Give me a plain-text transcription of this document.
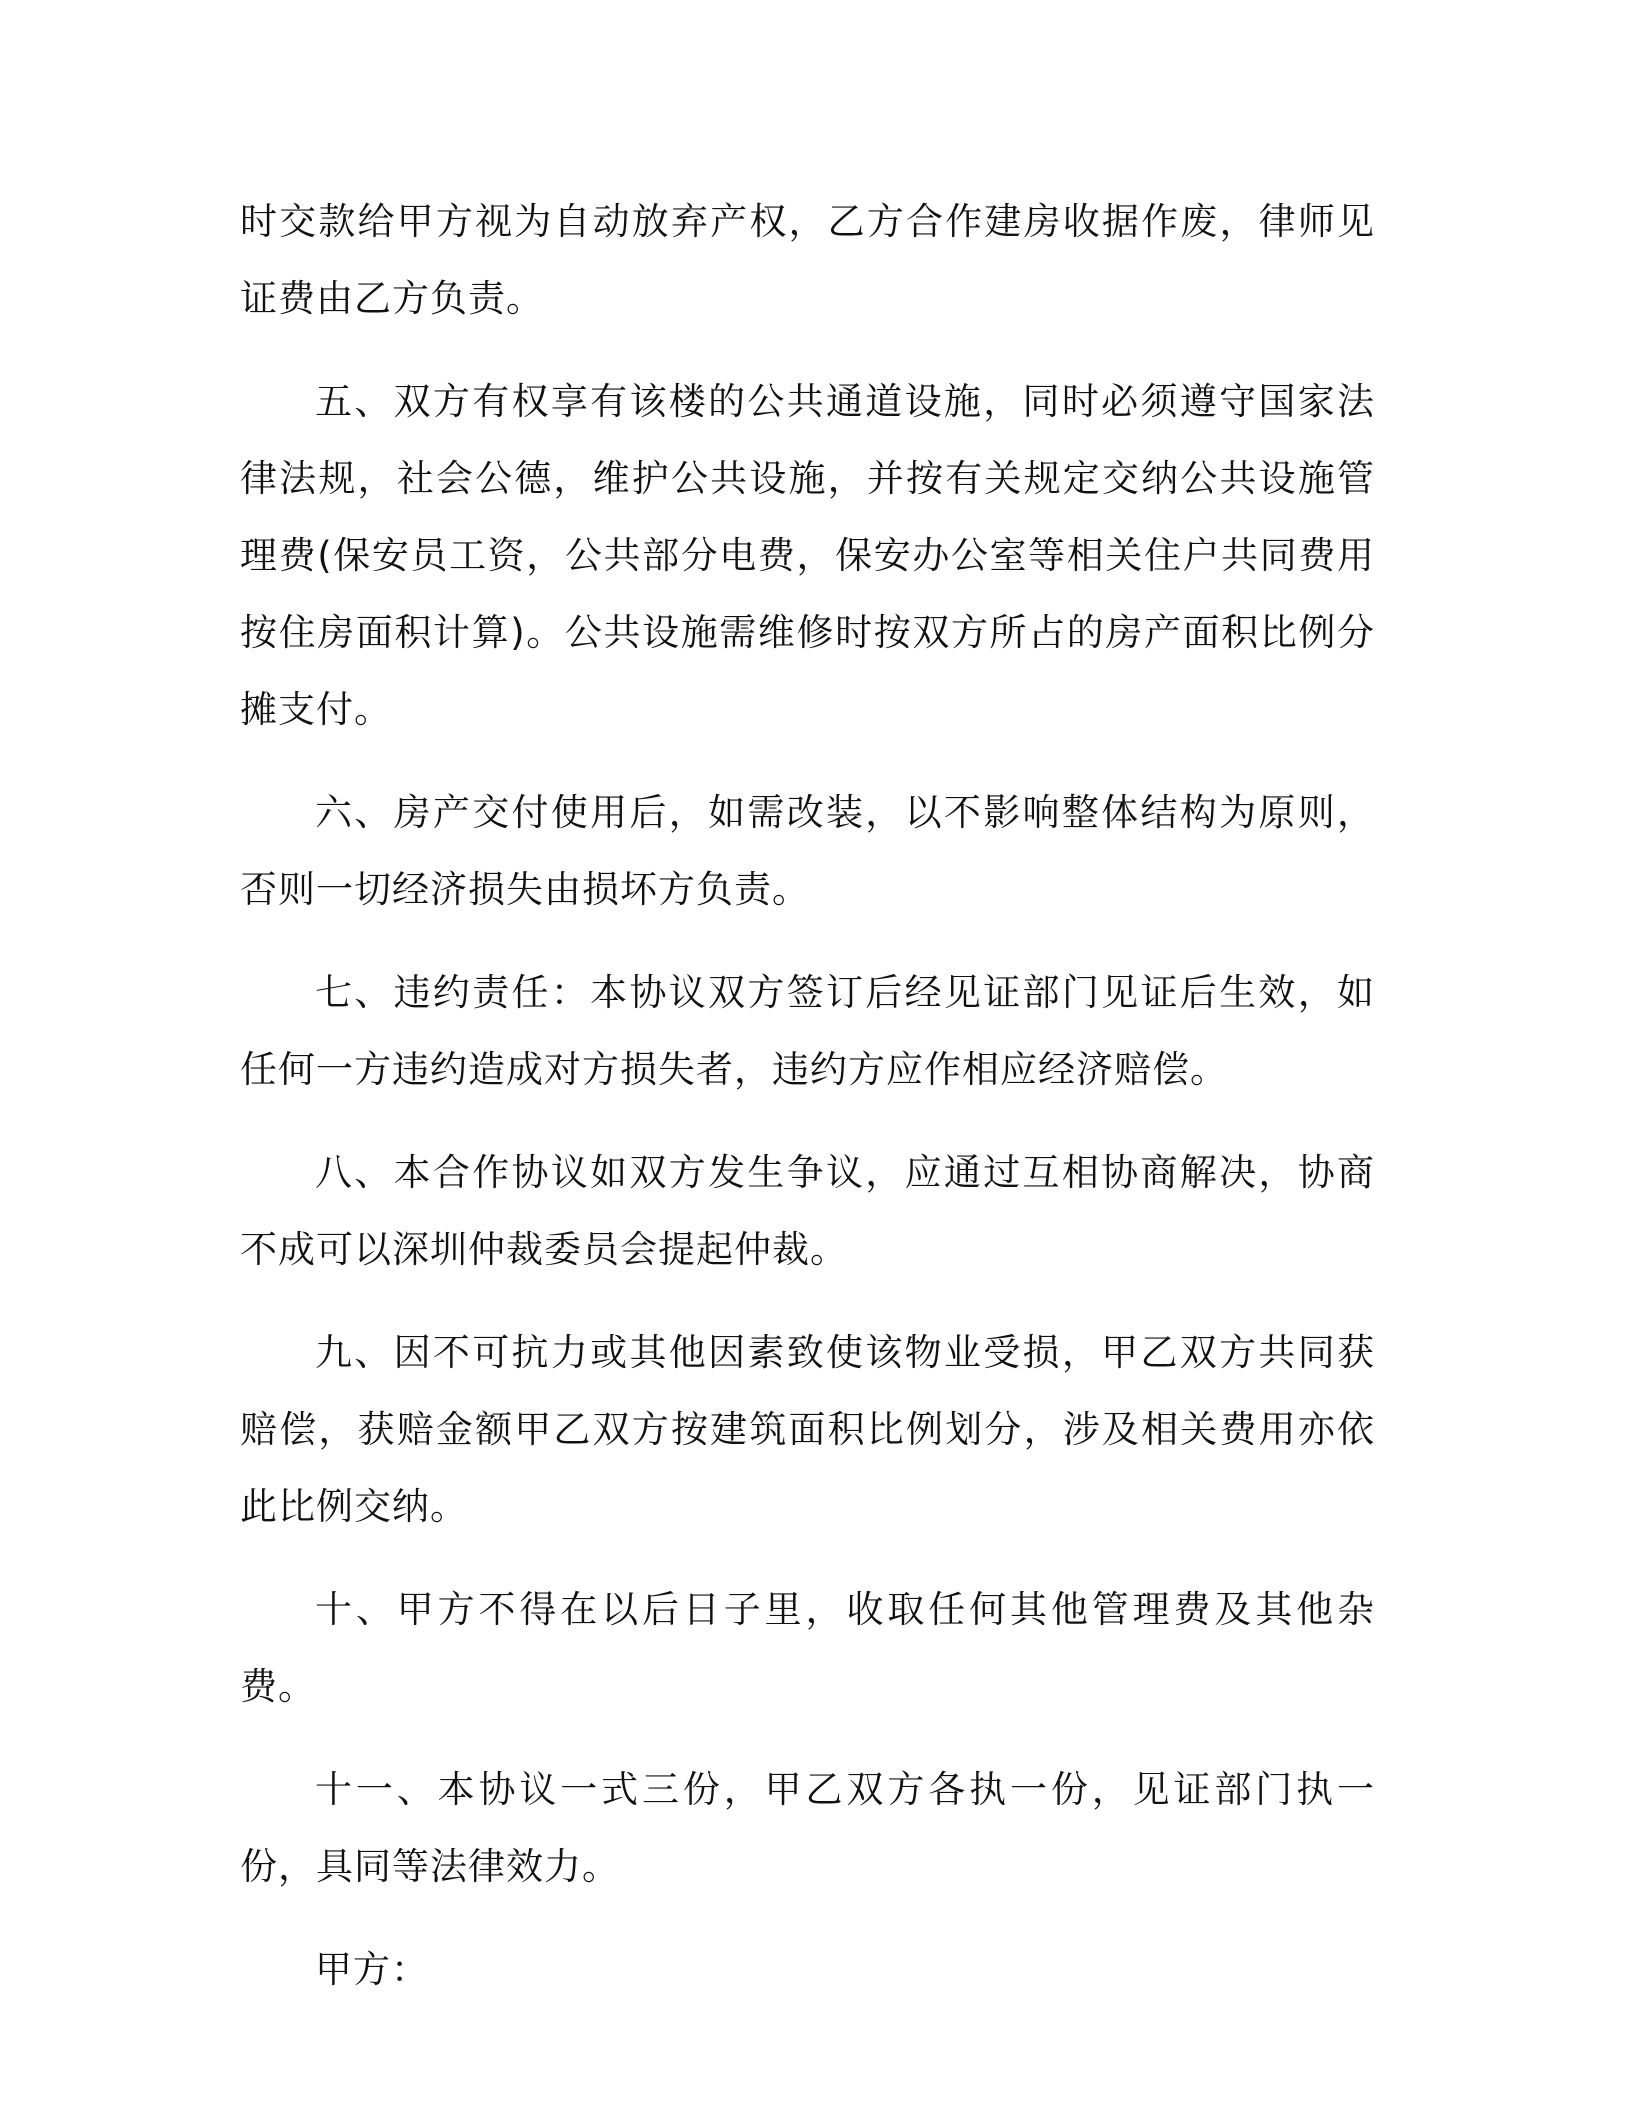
时交款给甲方视为自动放弃产权，乙方合作建房收据作废，律师见证费由乙方负责。

五、双方有权享有该楼的公共通道设施，同时必须遵守国家法律法规，社会公德，维护公共设施，并按有关规定交纳公共设施管理费(保安员工资，公共部分电费，保安办公室等相关住户共同费用按住房面积计算)。公共设施需维修时按双方所占的房产面积比例分摊支付。

六、房产交付使用后，如需改装，以不影响整体结构为原则，否则一切经济损失由损坏方负责。

七、违约责任：本协议双方签订后经见证部门见证后生效，如任何一方违约造成对方损失者，违约方应作相应经济赔偿。

八、本合作协议如双方发生争议，应通过互相协商解决，协商不成可以深圳仲裁委员会提起仲裁。

九、因不可抗力或其他因素致使该物业受损，甲乙双方共同获赔偿，获赔金额甲乙双方按建筑面积比例划分，涉及相关费用亦依此比例交纳。

十、甲方不得在以后日子里，收取任何其他管理费及其他杂费。

十一、本协议一式三份，甲乙双方各执一份，见证部门执一份，具同等法律效力。

甲方：
